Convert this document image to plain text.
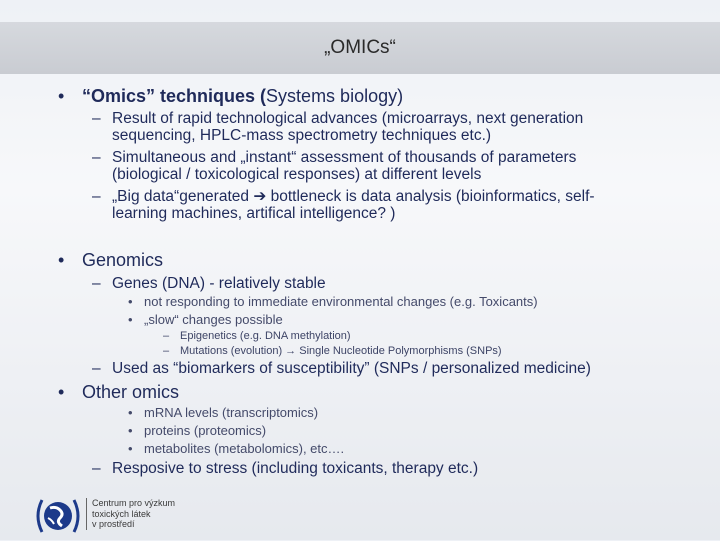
„OMICs“
• “Omics” techniques (Systems biology)
– Result of rapid technological advances (microarrays, next generation
sequencing, HPLC-mass spectrometry techniques etc.)
– Simultaneous and „instant“ assessment of thousands of parameters
(biological / toxicological responses) at different levels
– „Big data“generated ➔ bottleneck is data analysis (bioinformatics, self-
learning machines, artifical intelligence? )
• Genomics
– Genes (DNA) - relatively stable
• not responding to immediate environmental changes (e.g. Toxicants)
• „slow“ changes possible
– Epigenetics (e.g. DNA methylation)
– Mutations (evolution) → Single Nucleotide Polymorphisms (SNPs)
– Used as “biomarkers of susceptibility” (SNPs / personalized medicine)
• Other omics
• mRNA levels (transcriptomics)
• proteins (proteomics)
• metabolites (metabolomics), etc….
– Resposive to stress (including toxicants, therapy etc.)
Centrum pro výzkum
toxických látek
v prostředí
